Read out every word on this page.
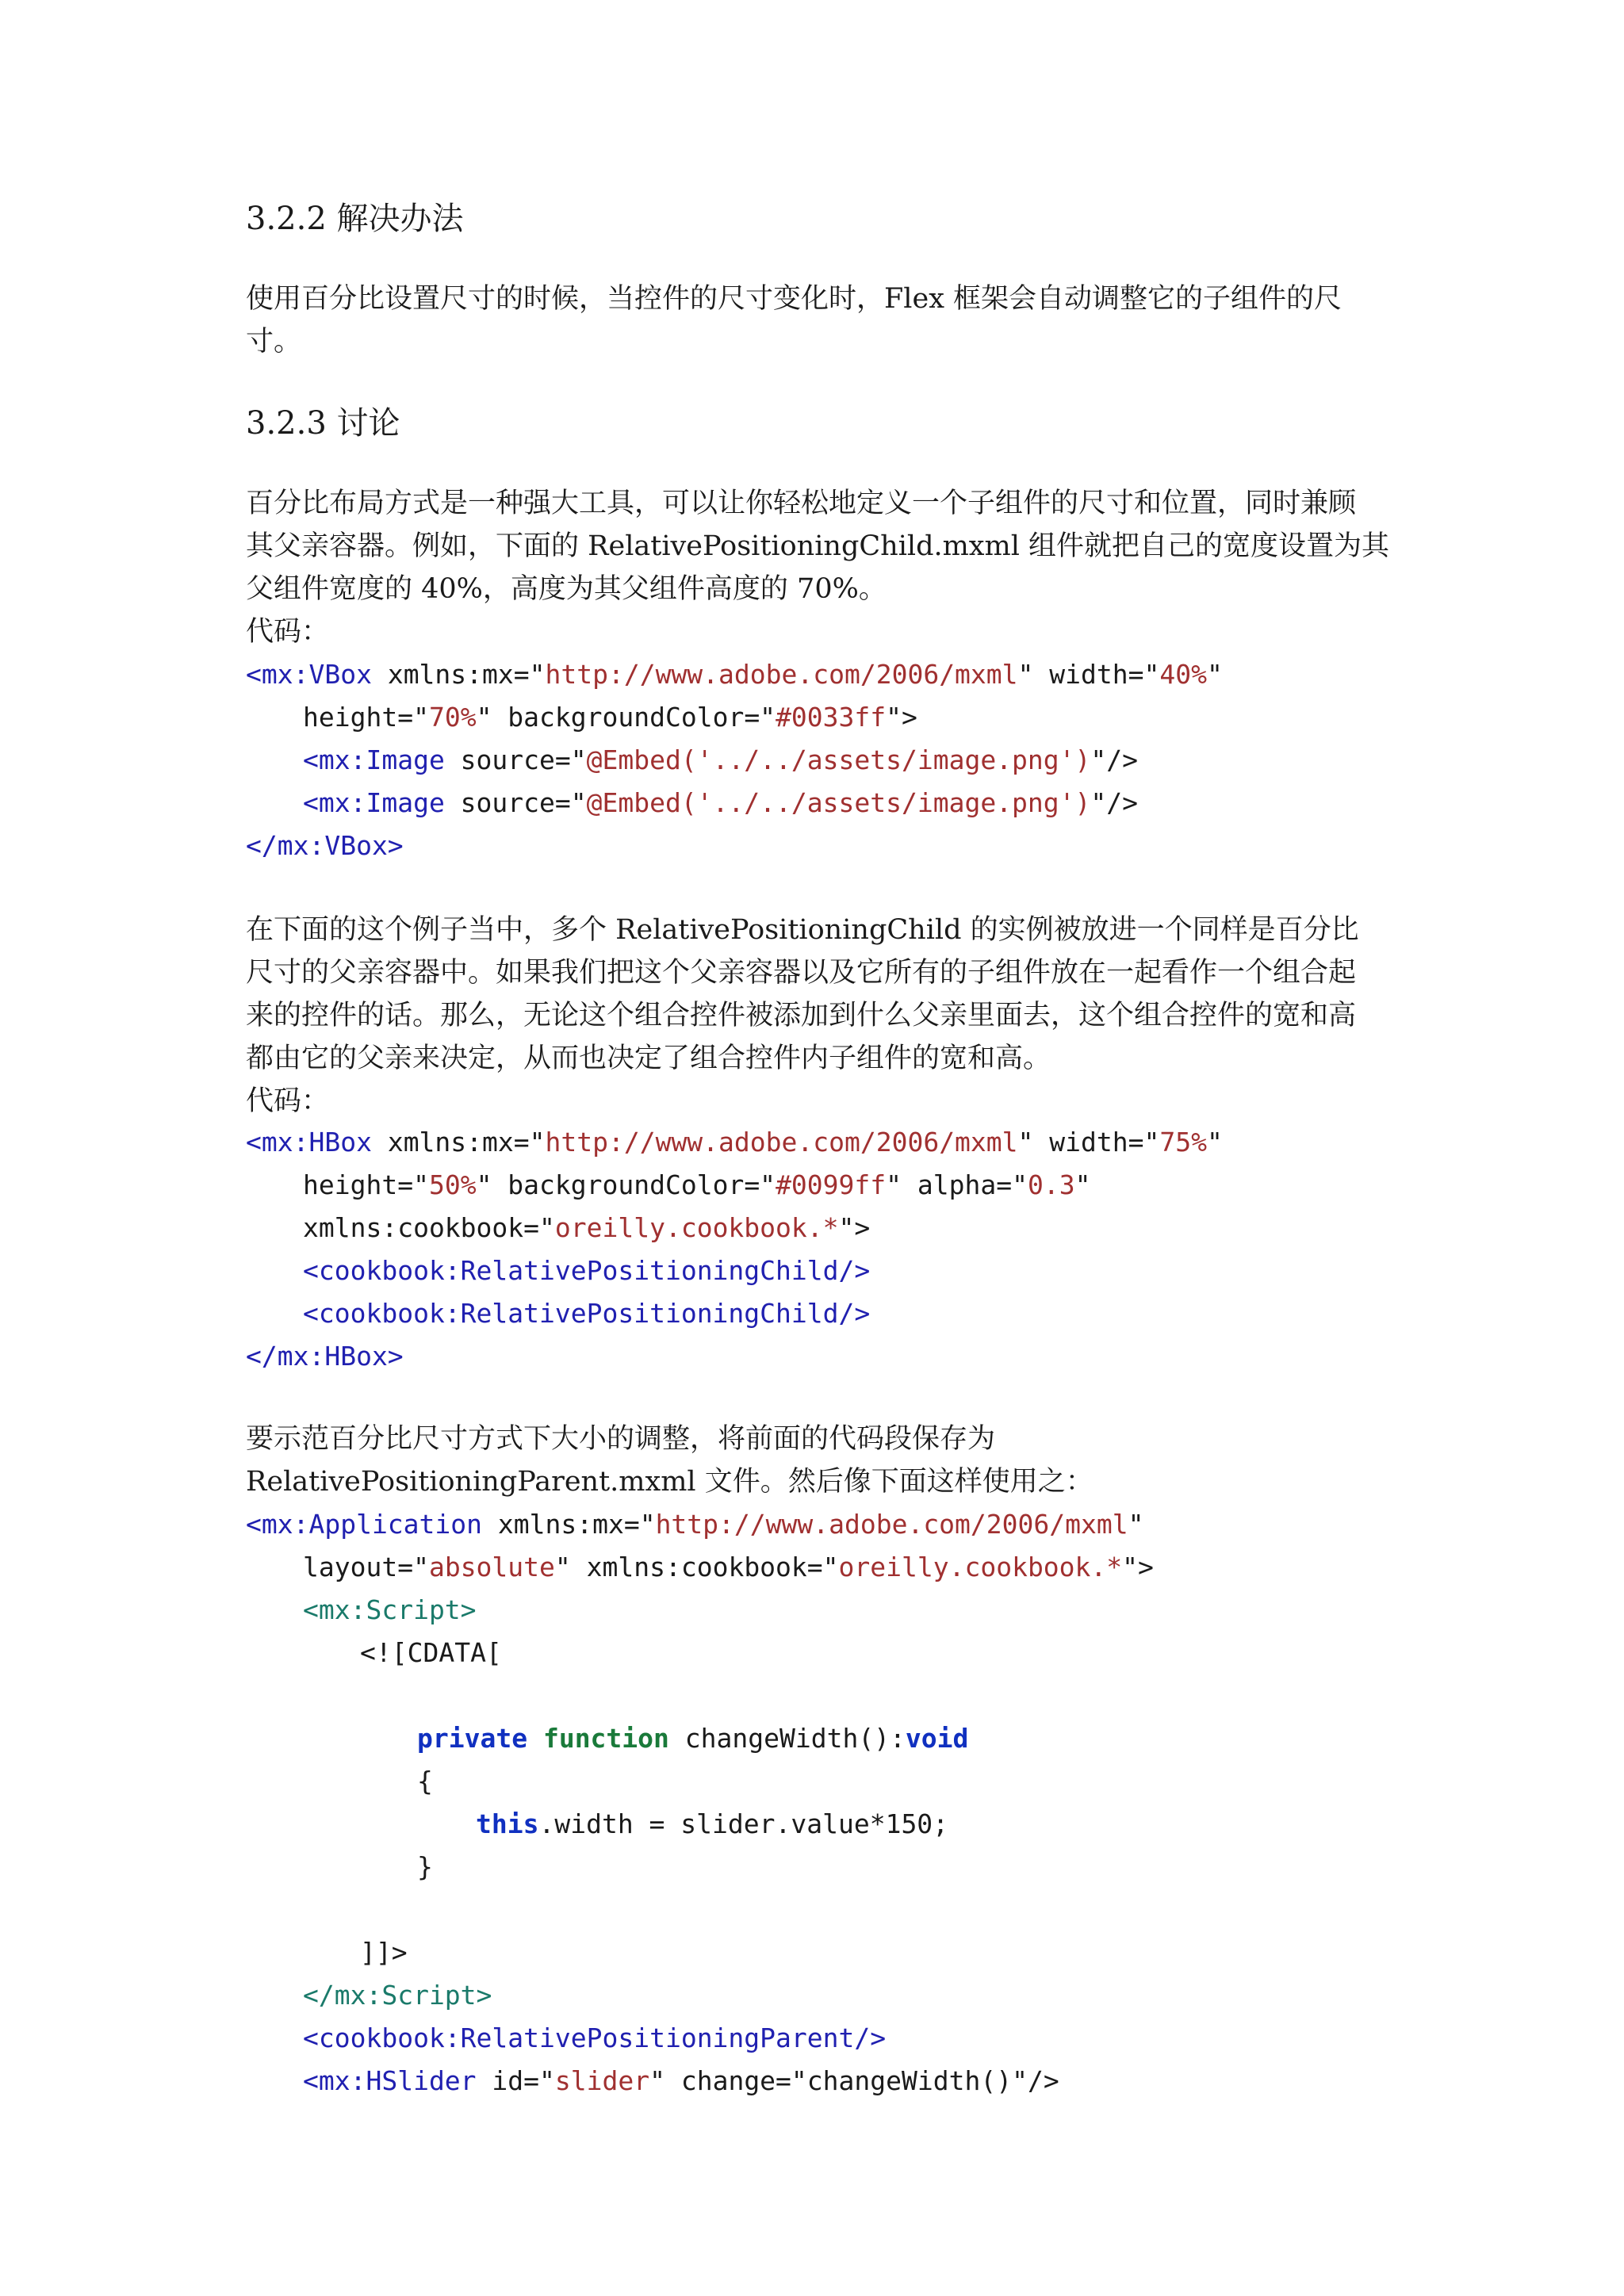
3.2.2 解决办法

使用百分比设置尺寸的时候，当控件的尺寸变化时，Flex 框架会自动调整它的子组件的尺
寸。

3.2.3 讨论

百分比布局方式是一种强大工具，可以让你轻松地定义一个子组件的尺寸和位置，同时兼顾
其父亲容器。例如，下面的 RelativePositioningChild.mxml 组件就把自己的宽度设置为其
父组件宽度的 40%，高度为其父组件高度的 70%。
代码：

<mx:VBox xmlns:mx="http://www.adobe.com/2006/mxml" width="40%"
height="70%" backgroundColor="#0033ff">
<mx:Image source="@Embed('../../assets/image.png')"/>
<mx:Image source="@Embed('../../assets/image.png')"/>
</mx:VBox>

在下面的这个例子当中，多个 RelativePositioningChild 的实例被放进一个同样是百分比
尺寸的父亲容器中。如果我们把这个父亲容器以及它所有的子组件放在一起看作一个组合起
来的控件的话。那么，无论这个组合控件被添加到什么父亲里面去，这个组合控件的宽和高
都由它的父亲来决定，从而也决定了组合控件内子组件的宽和高。
代码：

<mx:HBox xmlns:mx="http://www.adobe.com/2006/mxml" width="75%"
height="50%" backgroundColor="#0099ff" alpha="0.3"
xmlns:cookbook="oreilly.cookbook.*">
<cookbook:RelativePositioningChild/>
<cookbook:RelativePositioningChild/>
</mx:HBox>

要示范百分比尺寸方式下大小的调整，将前面的代码段保存为
RelativePositioningParent.mxml 文件。然后像下面这样使用之：

<mx:Application xmlns:mx="http://www.adobe.com/2006/mxml"
layout="absolute" xmlns:cookbook="oreilly.cookbook.*">
<mx:Script>
<![CDATA[
private function changeWidth():void
{
this.width = slider.value*150;
}
]]>
</mx:Script>
<cookbook:RelativePositioningParent/>
<mx:HSlider id="slider" change="changeWidth()"/>
